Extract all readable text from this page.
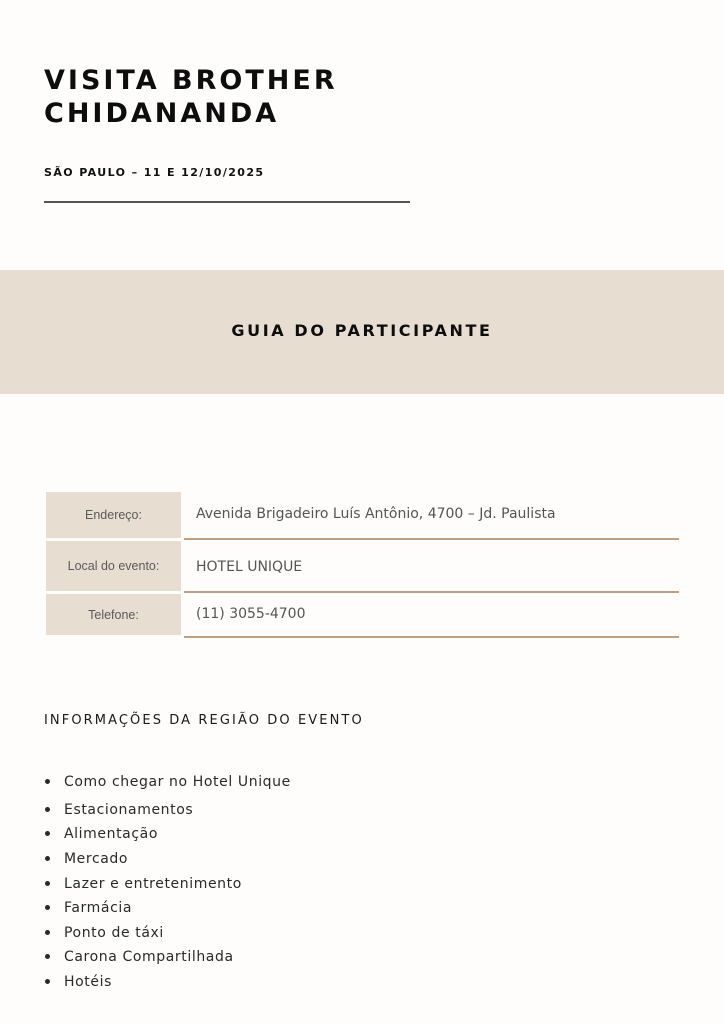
VISITA BROTHER
CHIDANANDA

SÃO PAULO – 11 E 12/10/2025

GUIA DO PARTICIPANTE
Endereço:	Avenida Brigadeiro Luís Antônio, 4700 – Jd. Paulista
Local do evento:	HOTEL UNIQUE
Telefone:	(11) 3055-4700
INFORMAÇÕES DA REGIÃO DO EVENTO
Como chegar no Hotel Unique
Estacionamentos
Alimentação
Mercado
Lazer e entretenimento
Farmácia
Ponto de táxi
Carona Compartilhada
Hotéis
